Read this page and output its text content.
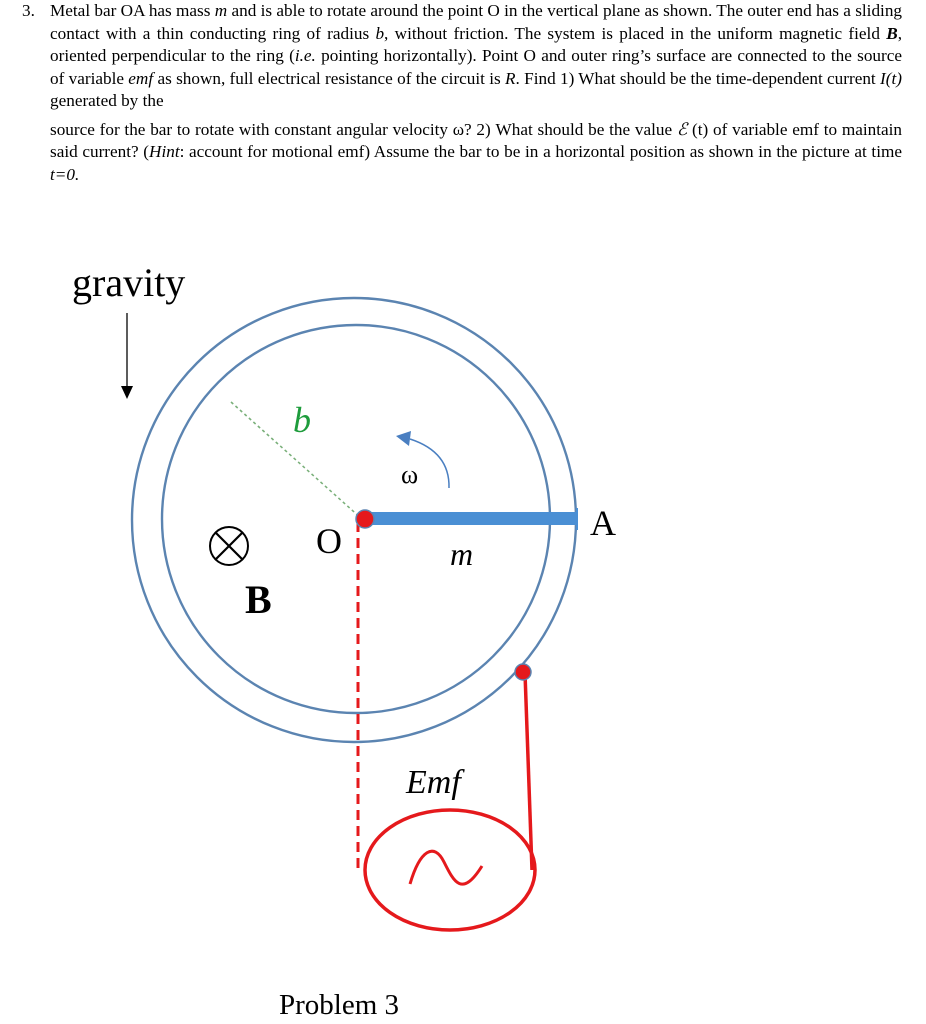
3. Metal bar OA has mass m and is able to rotate around the point O in the vertical plane as shown. The outer end has a sliding contact with a thin conducting ring of radius b, without friction. The system is placed in the uniform magnetic field B, oriented perpendicular to the ring (i.e. pointing horizontally). Point O and outer ring’s surface are connected to the source of variable emf as shown, full electrical resistance of the circuit is R. Find 1) What should be the time-dependent current I(t) generated by the

source for the bar to rotate with constant angular velocity ω? 2) What should be the value ℰ (t) of variable emf to maintain said current? (Hint: account for motional emf) Assume the bar to be in a horizontal position as shown in the picture at time t=0.

gravity
b
ω
A
O	m
B
Emf
Problem 3
